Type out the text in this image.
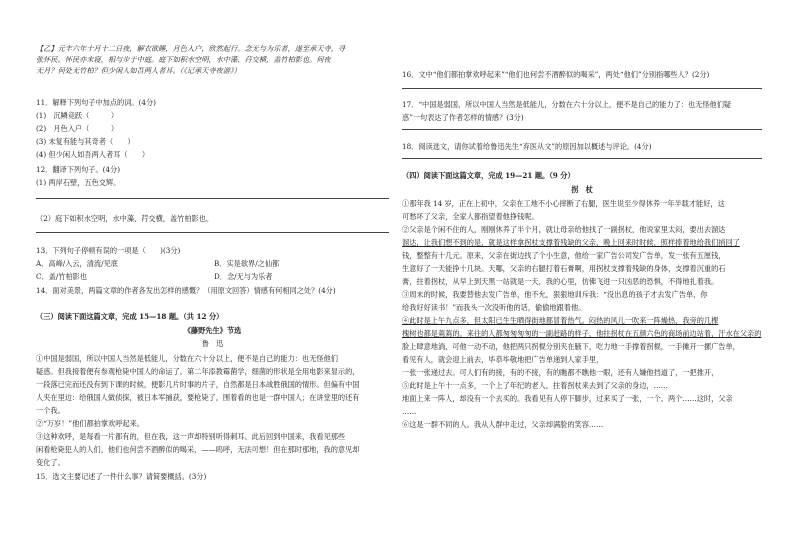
【乙】元丰六年十月十二日夜，解衣欲睡，月色入户，欣然起行。念无与为乐者，遂至承天寺，寻
张怀民。怀民亦未寝，相与步于中庭。庭下如积水空明，水中藻、荇交横，盖竹柏影也。何夜
无月？何处无竹柏？但少闲人如吾两人者耳。（《记承天寺夜游》）
11．解释下列句子中加点的词。(4分)
(1)　沉鳞竞跃（　　　）
(2)　月色入户（　　　）
(3) 未复有能与其奇者（　　）
(4) 但少闲人如吾两人者耳（　　）
12．翻译下列句子。(4分)
(1) 两岸石壁，五色交辉。
（2）庭下如积水空明，水中藻、荇交横，盖竹柏影也。
13．下列句子停顿有误的一项是（　　)(3分)
A．高峰/入云，清流/见底	B．实是欲界/之仙都
C．盖/竹柏影也	D．念/无与为乐者
14．面对美景，两篇文章的作者各发出怎样的感慨？（用原文回答）情感有何相同之处？(4分)
（三）阅读下面这篇文章，完成 15—18 题。（共 12 分）
《藤野先生》节选
鲁　迅
①中国是弱国，所以中国人当然是低能儿，分数在六十分以上，便不是自己的能力：也无怪他们
疑惑。但我接着便有参观枪毙中国人的命运了。第二年添教霉菌学，细菌的形状是全用电影来显示的，
一段落已完而还没有到下课的时候，便影几片时事的片子，自然都是日本战胜俄国的情形。但偏有中国
人夹在里边：给俄国人做侦探，被日本军捕获，要枪毙了，围着看的也是一群中国人；在讲堂里的还有
一个我。
②“万岁！”他们都拍掌欢呼起来。
③这种欢呼，是每看一片都有的，但在我，这一声却特别听得刺耳。此后回到中国来，我看见那些
闲看枪毙犯人的人们，他们也何尝不酒醉似的喝采，——呜呼，无法可想！但在那时那地，我的意见却
变化了。
15．选文主要记述了一件什么事？请简要概括。(3分)
16．文中“他们都拍掌欢呼起来”“他们也何尝不酒醉似的喝采”，两处“他们”分别指哪些人？(2分)
17．“中国是弱国，所以中国人当然是低能儿，分数在六十分以上，便不是自己的能力了：也无怪他们疑
惑”一句表达了作者怎样的情感？(3分)
18．阅读选文，请你试着给鲁迅先生“弃医从文”的原因加以概述与评论。(4分)
（四）阅读下面这篇文章，完成 19—21 题。（9 分）
拐　杖
①那年我 14 岁，正在上初中，父亲在工地不小心摔断了右腿，医生说至少得休养一年半载才能好，这
可愁坏了父亲，全家人都指望着他挣钱呢。
②父亲是个闲不住的人，刚刚休养了半个月，就让母亲给他找了一副拐杖，他说家里太闷，要出去溜达
溜达，让我们想不到的是，就是这样拿拐杖支撑着残缺的父亲，晚上回来时时候，照样捧着地给我们捎回了
钱，整整有十几元。原来，父亲在街边找了个小生意，他给一家广告公司发广告单，发一张有五厘钱，
生意好了一天能挣十几块。天哪，父亲的右腿打着石膏啊，用拐杖支撑着残缺的身体，支撑着沉重的石
膏，拄着拐杖，从早上到天黑一站就是一天，我的心里，仿佛飞进一只凶恶的恐惧，不得地扎着我。
③周末的时候，我要替他去发广告单，他不允，狠狠地训斥我：“没出息的孩子才去发广告单，你
给我好好读书！”而我头一次没听他的话，偷偷地跟着他。
④此时是上午九点多，但太阳已生生晒得街地都冒着热气。闷热的风儿一吹来一阵燥热，我旁的几棵
槐树也都是蔫蔫的。来往的人都匆匆匆匆的一副赶路的样子，他拄拐杖在五颜六色的商场前边站着，汗水在父亲的
脸上肆意地淌，可他一动不动，他把两只拐棍分别夹在腋下，吃力地一手撑着拐棍，一手摊开一摞广告单，
看见有人，就会迎上前去，毕恭毕敬地把广告单递到人家手里，
一张一张递过去。可人们有的接，有的不接，有的瞧都不瞧他一眼，还有人嫌他挡道了，一把推开，
⑤此时是上午十一点多，一个上了年纪的老人，拄着拐杖来去到了父亲的身边，……
地面上来一阵人，却没有一个去买的。我看见有人停下脚步，过来买了一张，一个、两个……这时，父亲
……
⑥这是一群不同的人。我从人群中走过，父亲却满脸的笑容……
